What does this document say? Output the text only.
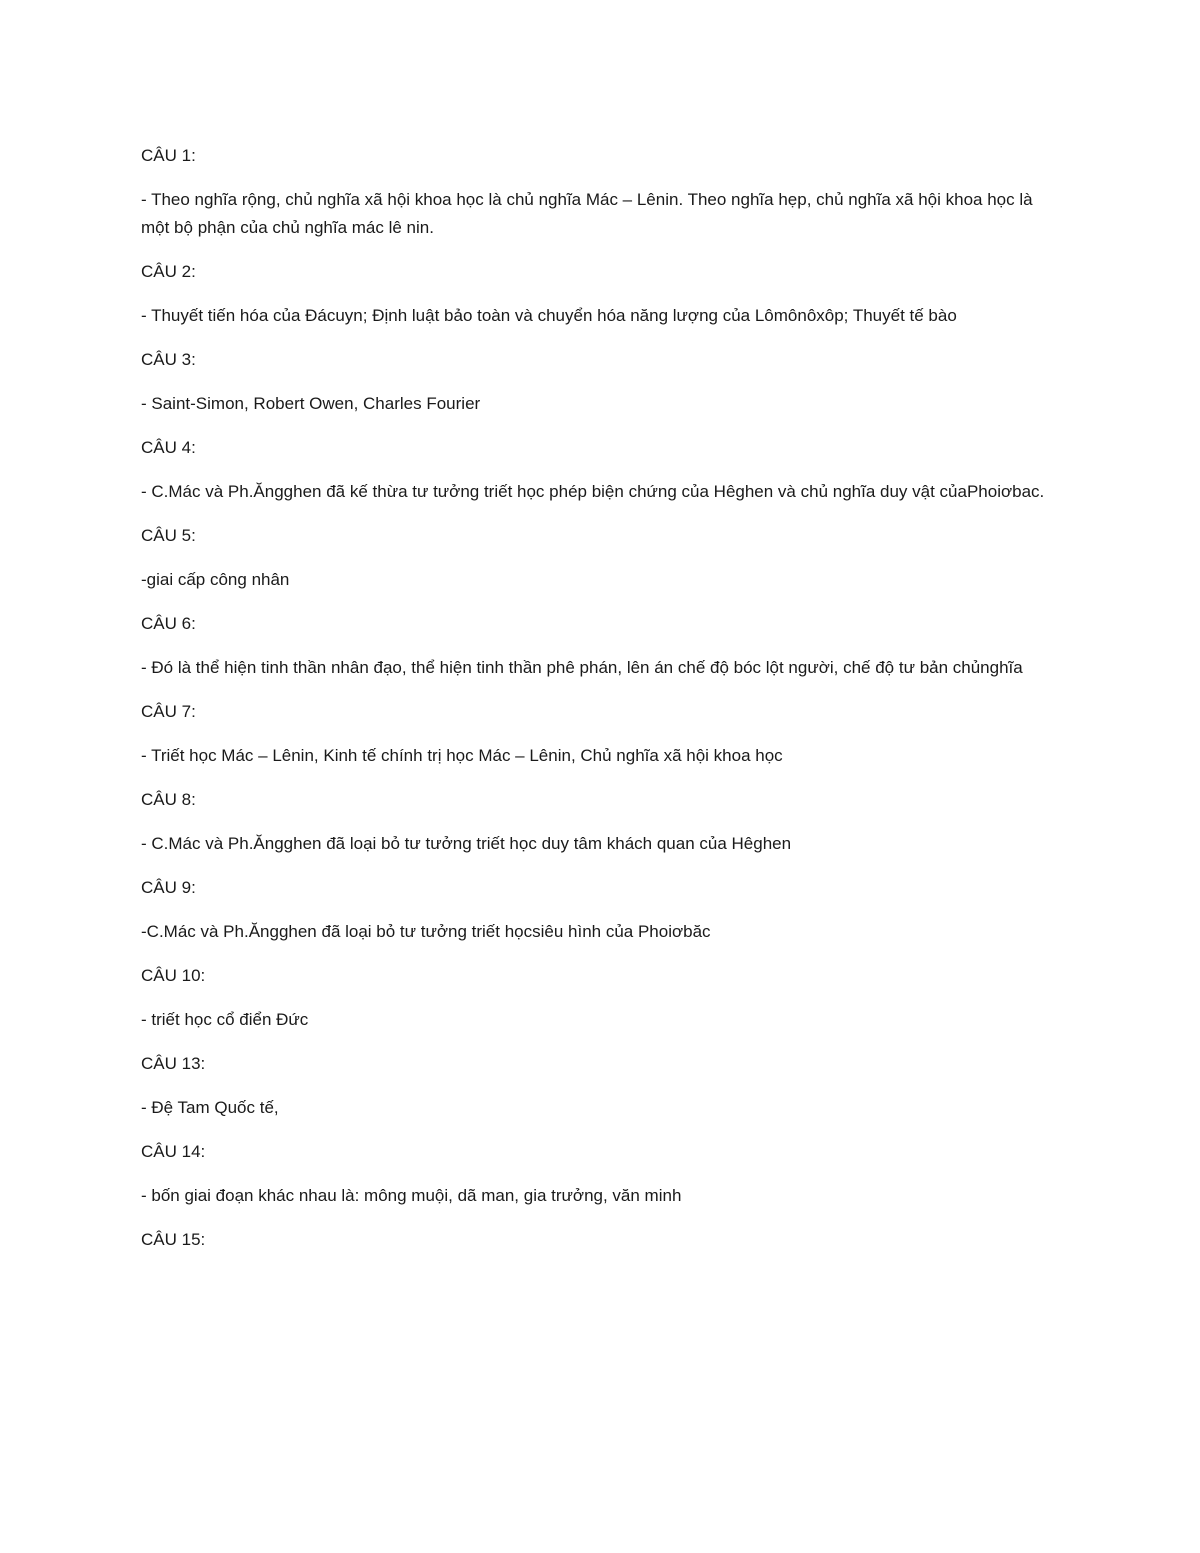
CÂU 1:

- Theo nghĩa rộng, chủ nghĩa xã hội khoa học là chủ nghĩa Mác – Lênin. Theo nghĩa hẹp, chủ nghĩa xã hội khoa học là một bộ phận của chủ nghĩa mác lê nin.

CÂU 2:

- Thuyết tiến hóa của Đácuyn; Định luật bảo toàn và chuyển hóa năng lượng của Lômônôxôp; Thuyết tế bào

CÂU 3:

- Saint-Simon, Robert Owen, Charles Fourier

CÂU 4:

- C.Mác và Ph.Ăngghen đã kế thừa tư tưởng triết học phép biện chứng của Hêghen và chủ nghĩa duy vật củaPhoiơbac.

CÂU 5:

-giai cấp công nhân

CÂU 6:

- Đó là thể hiện tinh thần nhân đạo, thể hiện tinh thần phê phán, lên án chế độ bóc lột người, chế độ tư bản chủnghĩa

CÂU 7:

- Triết học Mác – Lênin, Kinh tế chính trị học Mác – Lênin, Chủ nghĩa xã hội khoa học

CÂU 8:

- C.Mác và Ph.Ăngghen đã loại bỏ tư tưởng triết học duy tâm khách quan của Hêghen

CÂU 9:

-C.Mác và Ph.Ăngghen đã loại bỏ tư tưởng triết họcsiêu hình của Phoiơbăc

CÂU 10:

- triết học cổ điển Đức

CÂU 13:

- Đệ Tam Quốc tế,

CÂU 14:

- bốn giai đoạn khác nhau là: mông muội, dã man, gia trưởng, văn minh

CÂU 15:
